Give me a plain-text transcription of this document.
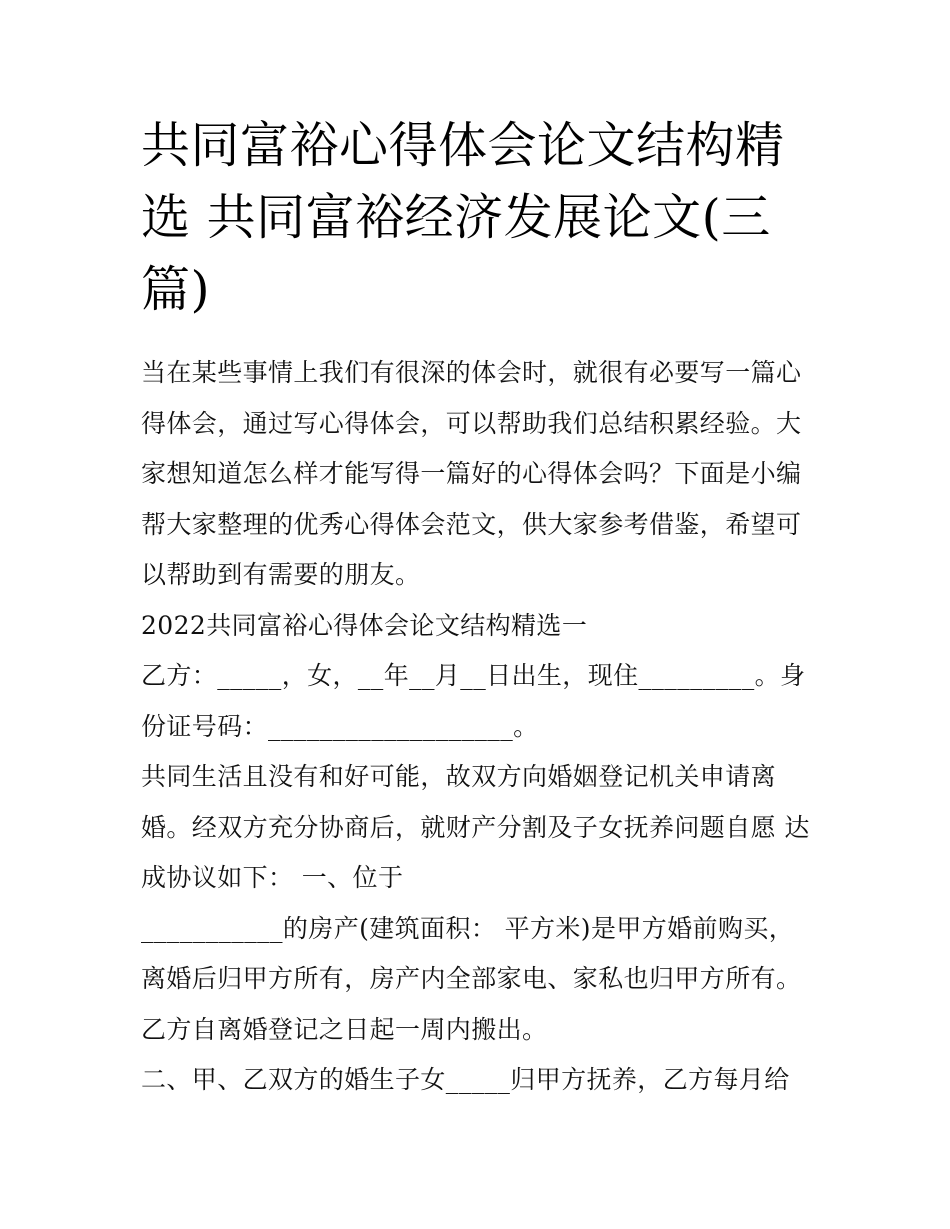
共同富裕心得体会论文结构精选 共同富裕经济发展论文(三篇)

当在某些事情上我们有很深的体会时，就很有必要写一篇心得体会，通过写心得体会，可以帮助我们总结积累经验。大家想知道怎么样才能写得一篇好的心得体会吗？下面是小编帮大家整理的优秀心得体会范文，供大家参考借鉴，希望可以帮助到有需要的朋友。

2022共同富裕心得体会论文结构精选一

乙方：_____，女，__年__月__日出生，现住_________。身份证号码：___________________。

共同生活且没有和好可能，故双方向婚姻登记机关申请离婚。经双方充分协商后，就财产分割及子女抚养问题自愿 达成协议如下： 一、位于

___________的房产(建筑面积： 平方米)是甲方婚前购买，离婚后归甲方所有，房产内全部家电、家私也归甲方所有。乙方自离婚登记之日起一周内搬出。

二、甲、乙双方的婚生子女_____归甲方抚养，乙方每月给
